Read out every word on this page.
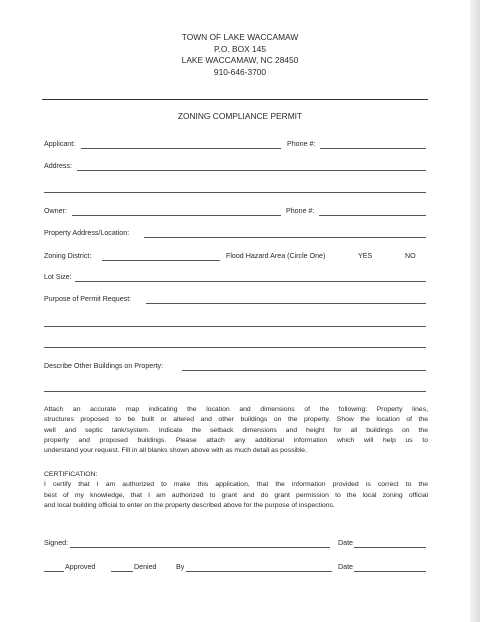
TOWN OF LAKE WACCAMAW
P.O. BOX 145
LAKE WACCAMAW, NC 28450
910-646-3700
ZONING COMPLIANCE PERMIT
Applicant:	Phone #:
Address:
Owner:	Phone #:
Property Address/Location:
Zoning District:	Flood Hazard Area (Circle One)	YES	NO
Lot Size:
Purpose of Permit Request:
Describe Other Buildings on Property:
Attach an accurate map indicating the location and dimensions of the following: Property lines,
structures proposed to be built or altered and other buildings on the property. Show the location of the
well and septic tank/system. Indicate the setback dimensions and height for all buildings on the
property and proposed buildings. Please attach any additional information which will help us to
understand your request. Fill in all blanks shown above with as much detail as possible.
CERTIFICATION:
I certify that I am authorized to make this application, that the information provided is correct to the
best of my knowledge, that I am authorized to grant and do grant permission to the local zoning official
and local building official to enter on the property described above for the purpose of inspections.
Signed:	Date
Approved	Denied	By	Date
